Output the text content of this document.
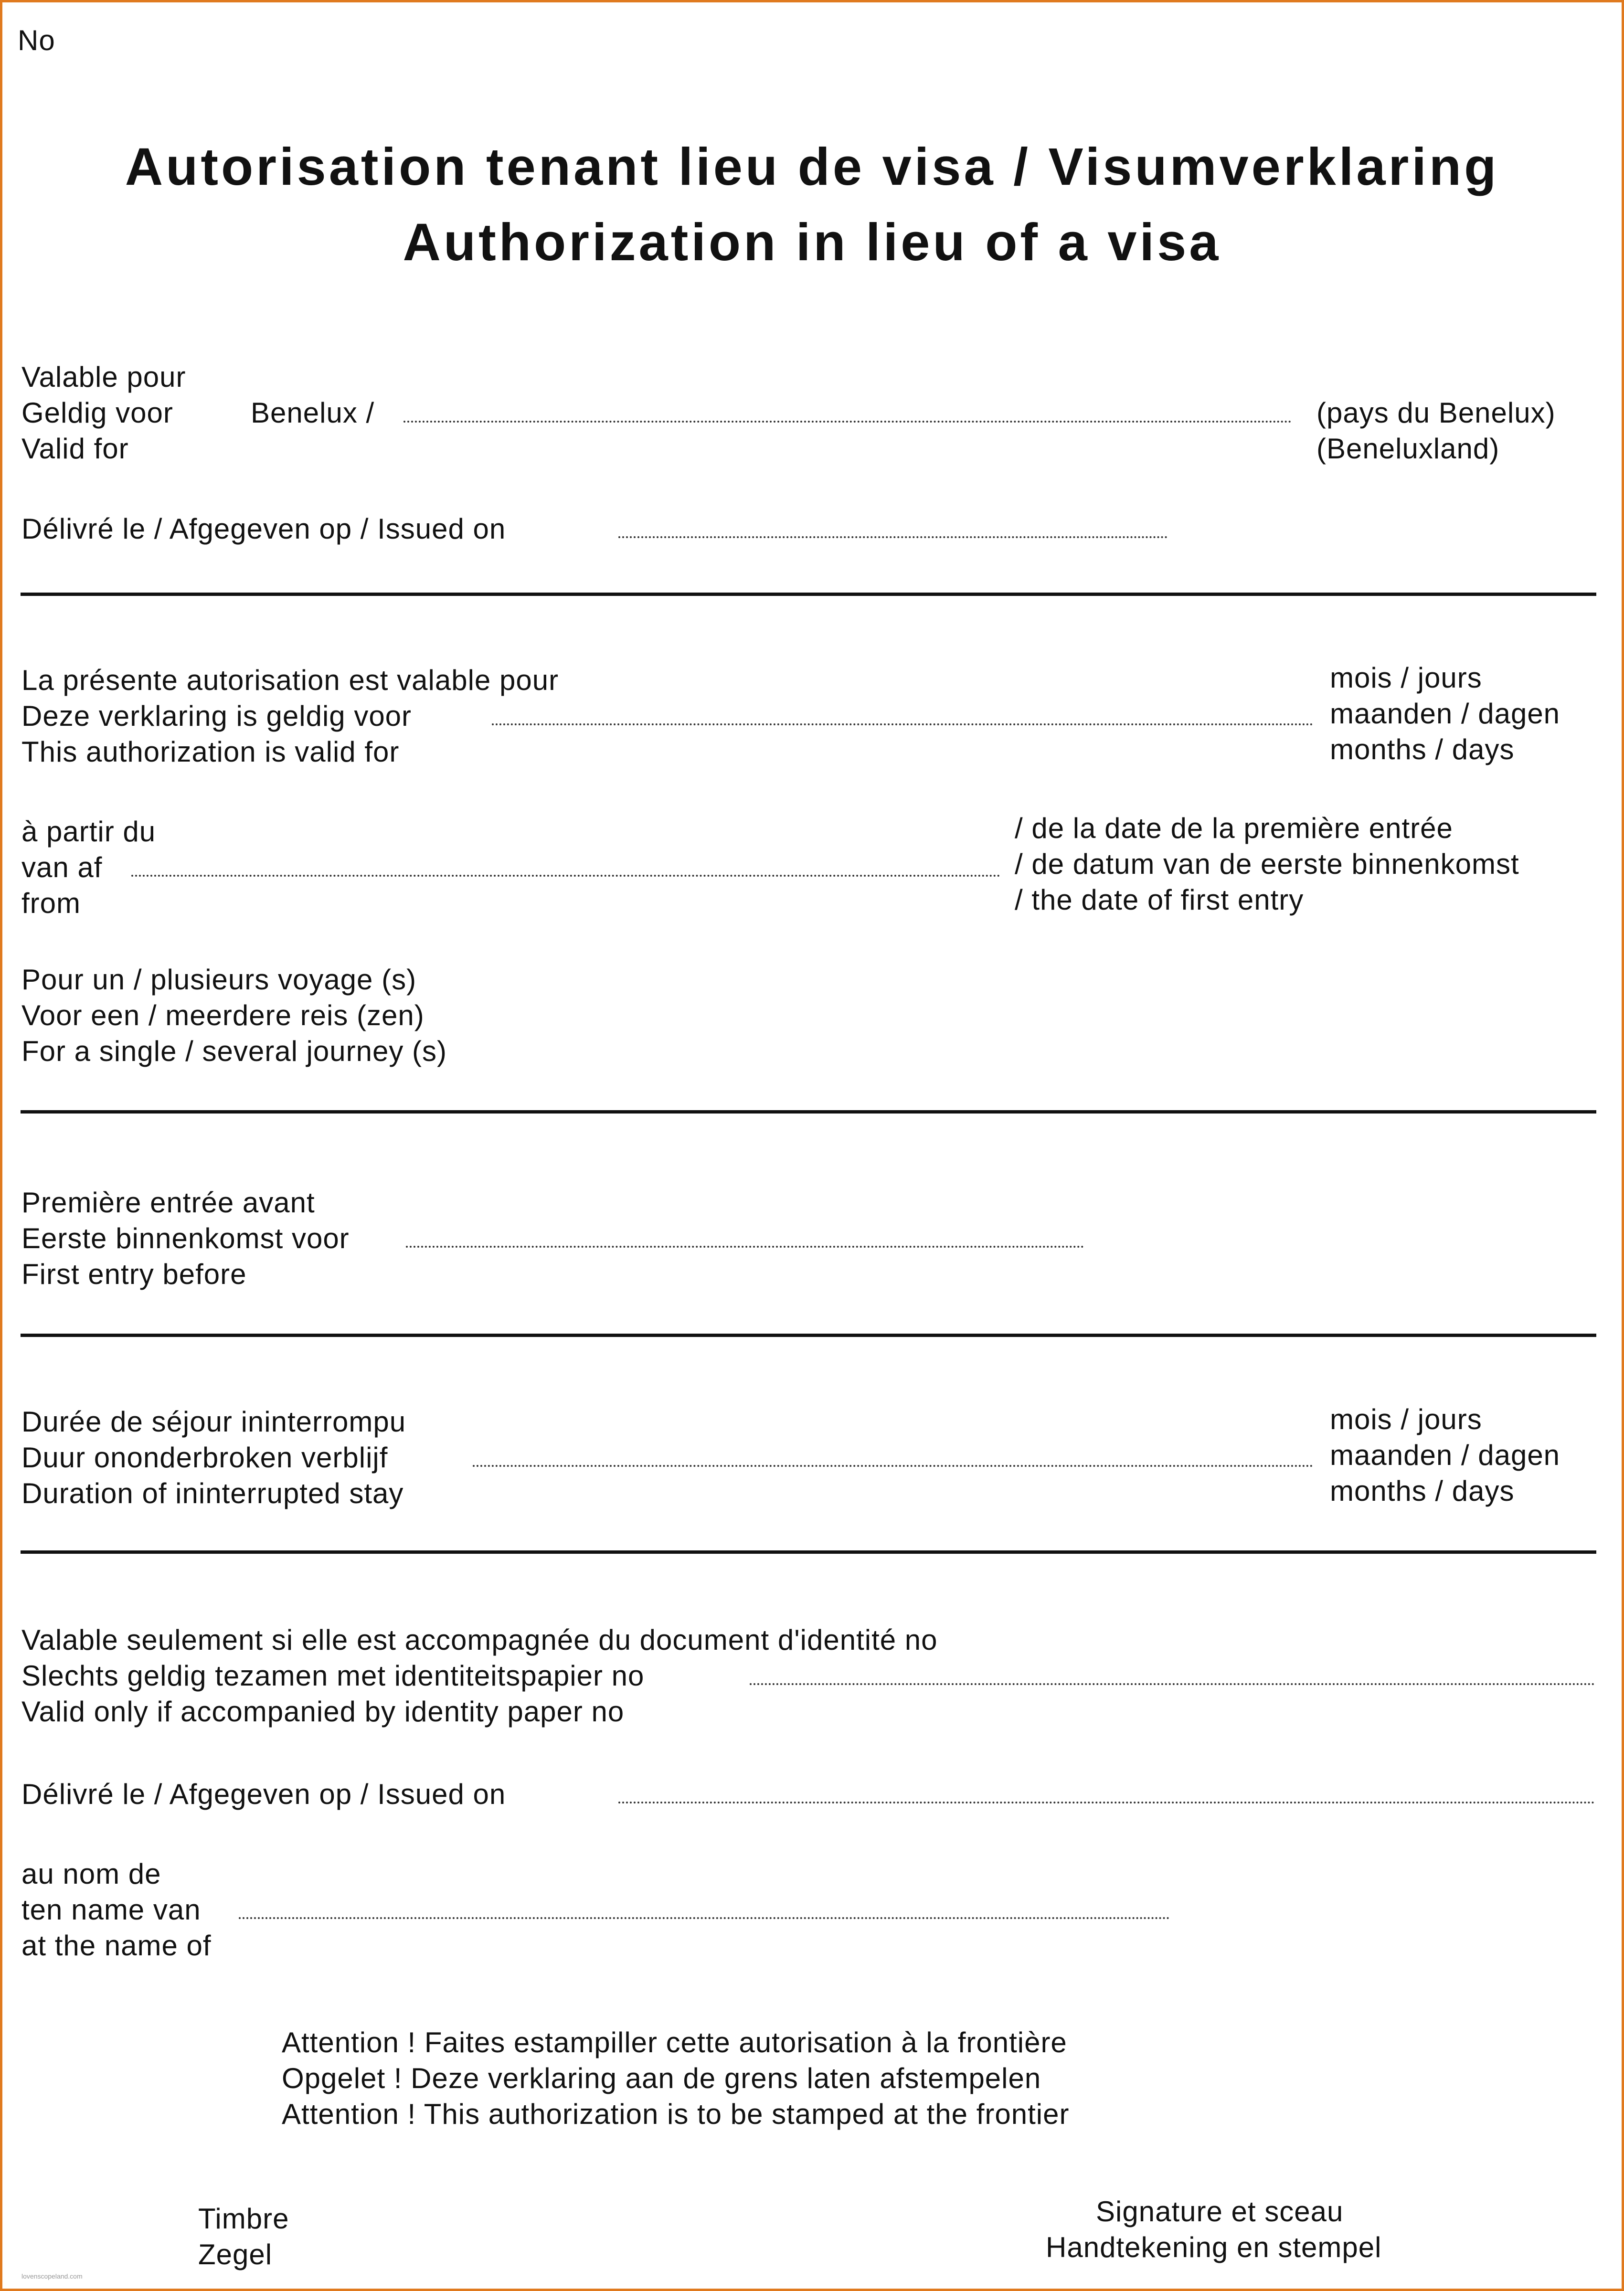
No
Autorisation tenant lieu de visa / Visumverklaring
Authorization in lieu of a visa
Valable pour
Geldig voor
Valid for
Benelux /	(pays du Benelux)
(Beneluxland)
Délivré le / Afgegeven op / Issued on
La présente autorisation est valable pour
Deze verklaring is geldig voor
This authorization is valid for
mois / jours
maanden / dagen
months / days
à partir du
van af
from
/ de la date de la première entrée
/ de datum van de eerste binnenkomst
/ the date of first entry
Pour un / plusieurs voyage (s)
Voor een / meerdere reis (zen)
For a single / several journey (s)
Première entrée avant
Eerste binnenkomst voor
First entry before
Durée de séjour ininterrompu
Duur ononderbroken verblijf
Duration of ininterrupted stay
mois / jours
maanden / dagen
months / days
Valable seulement si elle est accompagnée du document d'identité no
Slechts geldig tezamen met identiteitspapier no
Valid only if accompanied by identity paper no
Délivré le / Afgegeven op / Issued on
au nom de
ten name van
at the name of
Attention ! Faites estampiller cette autorisation à la frontière
Opgelet ! Deze verklaring aan de grens laten afstempelen
Attention ! This authorization is to be stamped at the frontier
Timbre
Zegel
Signature et sceau
Handtekening en stempel
lovenscopeland.com
